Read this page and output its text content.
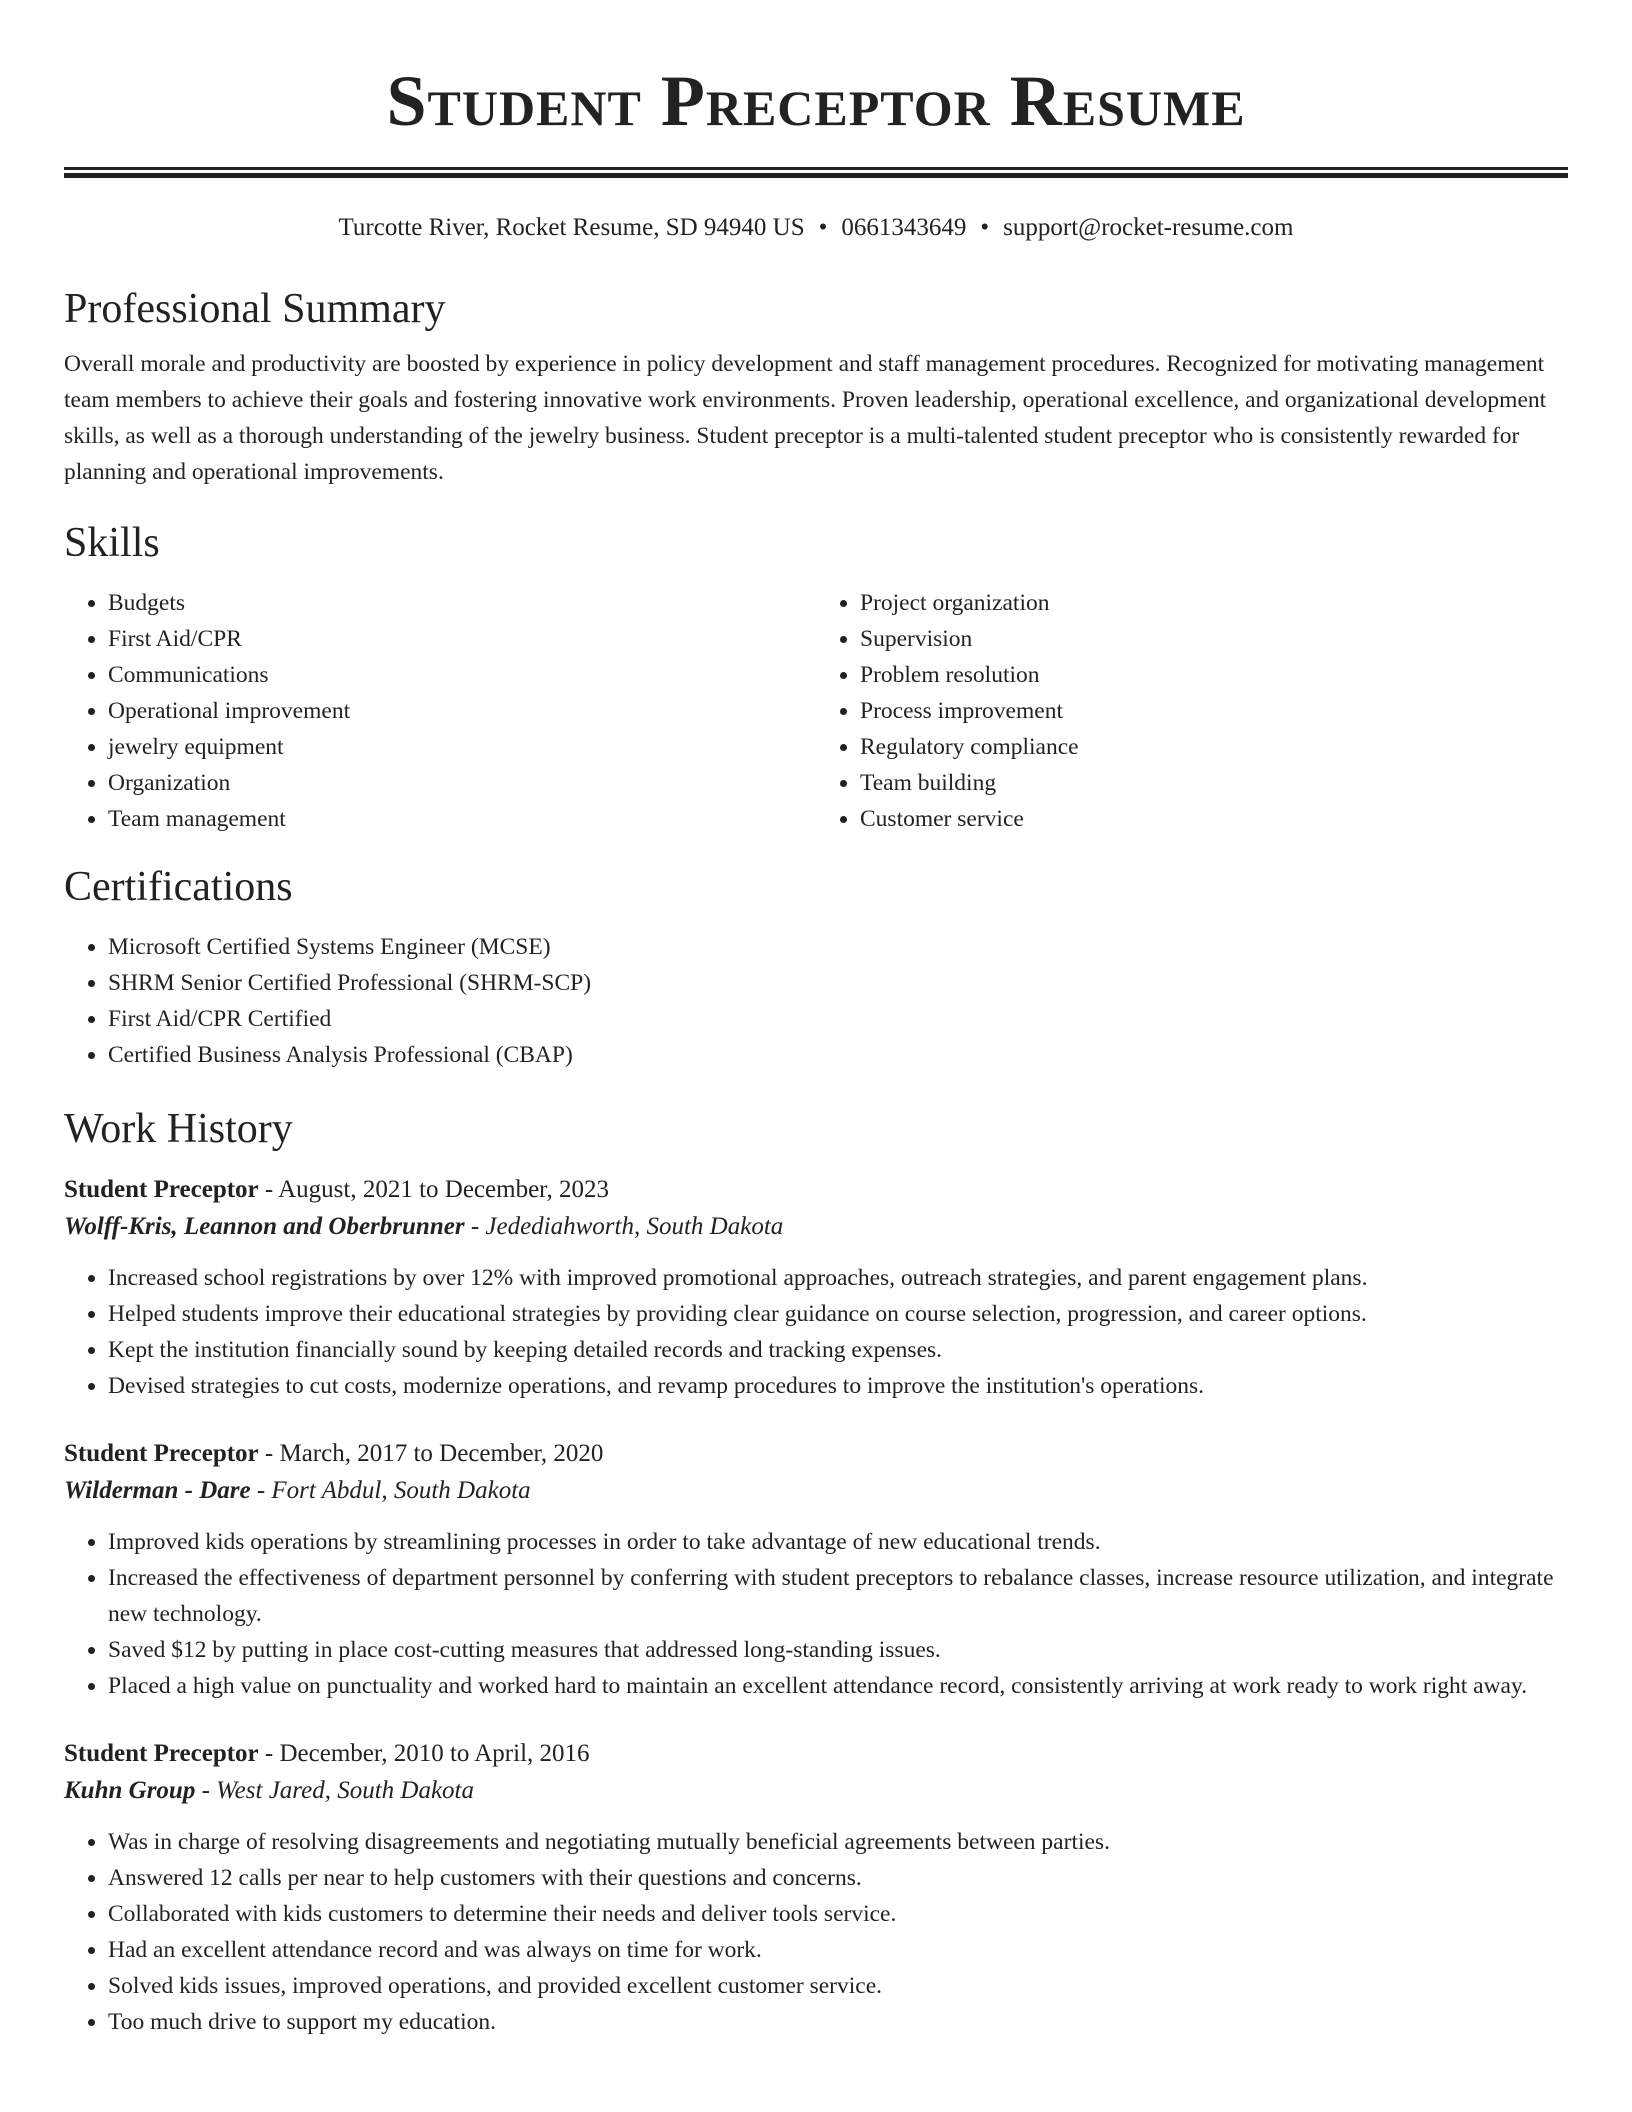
Student Preceptor Resume
Turcotte River, Rocket Resume, SD 94940 US • 0661343649 • support@rocket-resume.com
Professional Summary

Overall morale and productivity are boosted by experience in policy development and staff management procedures. Recognized for motivating management team members to achieve their goals and fostering innovative work environments. Proven leadership, operational excellence, and organizational development skills, as well as a thorough understanding of the jewelry business. Student preceptor is a multi-talented student preceptor who is consistently rewarded for planning and operational improvements.

Skills
• Budgets
• First Aid/CPR
• Communications
• Operational improvement
• jewelry equipment
• Organization
• Team management
• Project organization
• Supervision
• Problem resolution
• Process improvement
• Regulatory compliance
• Team building
• Customer service
Certifications
• Microsoft Certified Systems Engineer (MCSE)
• SHRM Senior Certified Professional (SHRM-SCP)
• First Aid/CPR Certified
• Certified Business Analysis Professional (CBAP)
Work History
Student Preceptor - August, 2021 to December, 2023
Wolff-Kris, Leannon and Oberbrunner - Jedediahworth, South Dakota
• Increased school registrations by over 12% with improved promotional approaches, outreach strategies, and parent engagement plans.
• Helped students improve their educational strategies by providing clear guidance on course selection, progression, and career options.
• Kept the institution financially sound by keeping detailed records and tracking expenses.
• Devised strategies to cut costs, modernize operations, and revamp procedures to improve the institution's operations.
Student Preceptor - March, 2017 to December, 2020
Wilderman - Dare - Fort Abdul, South Dakota
• Improved kids operations by streamlining processes in order to take advantage of new educational trends.
• Increased the effectiveness of department personnel by conferring with student preceptors to rebalance classes, increase resource utilization, and integrate new technology.
• Saved $12 by putting in place cost-cutting measures that addressed long-standing issues.
• Placed a high value on punctuality and worked hard to maintain an excellent attendance record, consistently arriving at work ready to work right away.
Student Preceptor - December, 2010 to April, 2016
Kuhn Group - West Jared, South Dakota
• Was in charge of resolving disagreements and negotiating mutually beneficial agreements between parties.
• Answered 12 calls per near to help customers with their questions and concerns.
• Collaborated with kids customers to determine their needs and deliver tools service.
• Had an excellent attendance record and was always on time for work.
• Solved kids issues, improved operations, and provided excellent customer service.
• Too much drive to support my education.
